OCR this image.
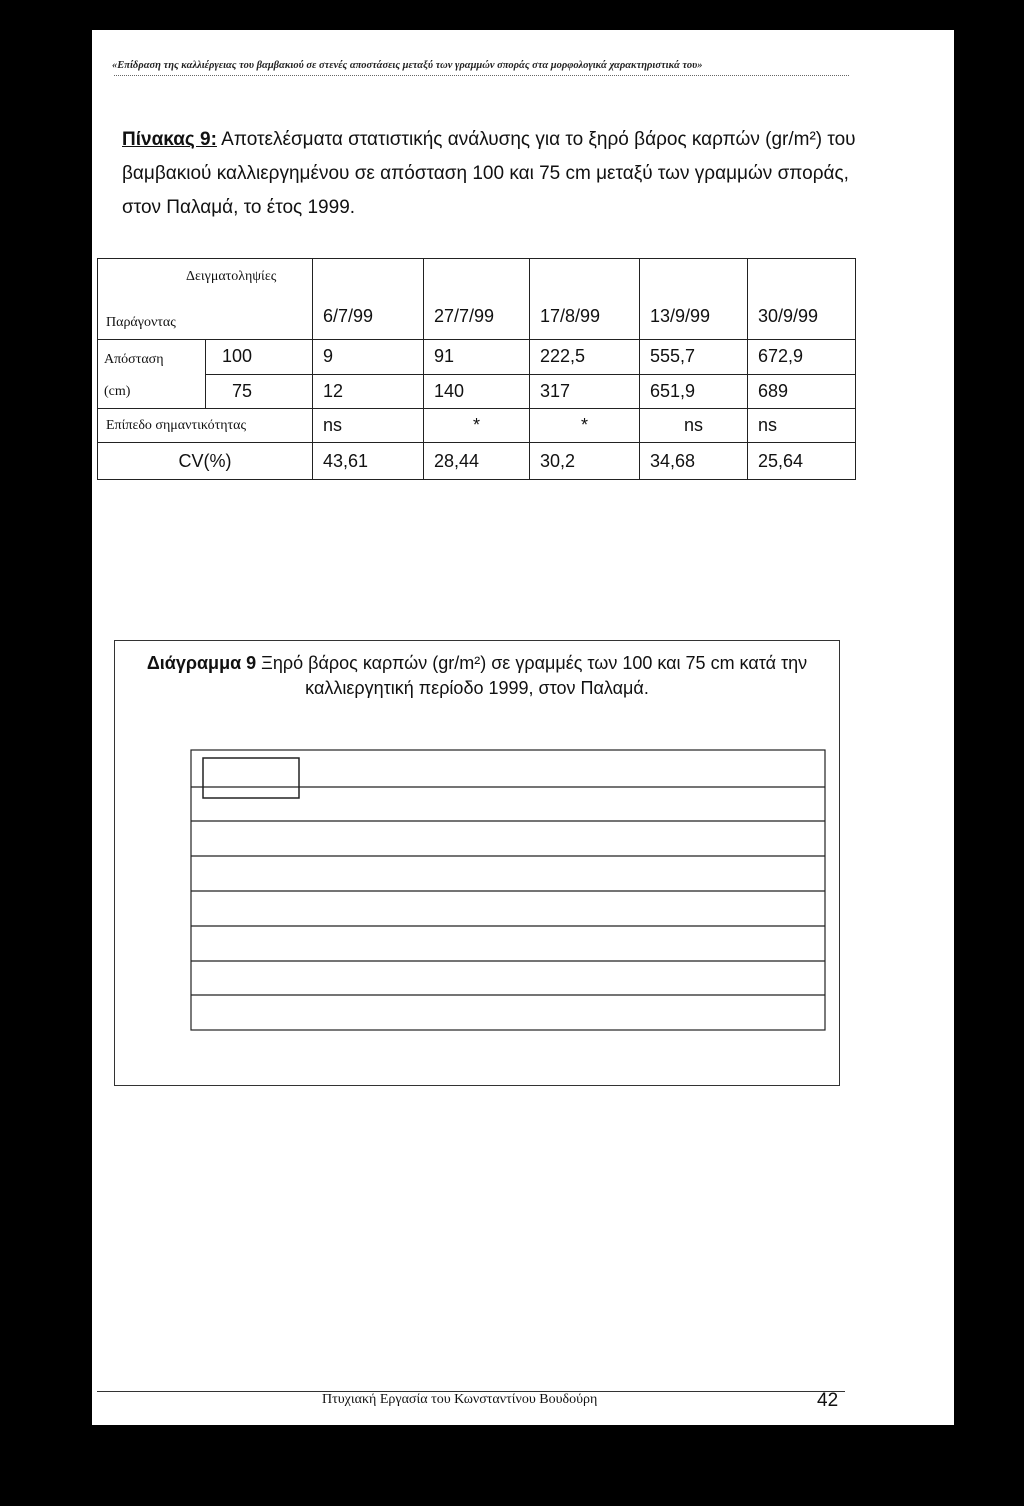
«Επίδραση της καλλιέργειας του βαμβακιού σε στενές αποστάσεις μεταξύ των γραμμών σποράς στα μορφολογικά χαρακτηριστικά του»
Πίνακας 9: Αποτελέσματα στατιστικής ανάλυσης για το ξηρό βάρος καρπών (gr/m²) του βαμβακιού καλλιεργημένου σε απόσταση 100 και 75 cm μεταξύ των γραμμών σποράς, στον Παλαμά, το έτος 1999.
Δειγματοληψίες
Παράγοντας		6/7/99	27/7/99	17/8/99	13/9/99	30/9/99

Απόσταση
(cm)	100	9	91	222,5	555,7	672,9
	75	12	140	317	651,9	689
Επίπεδο σημαντικότητας		ns	*	*	ns	ns
CV(%)		43,61	28,44	30,2	34,68	25,64
Διάγραμμα 9 Ξηρό βάρος καρπών (gr/m²) σε γραμμές των 100 και 75 cm κατά την καλλιεργητική περίοδο 1999, στον Παλαμά.
Πτυχιακή Εργασία του Κωνσταντίνου Βουδούρη	42
